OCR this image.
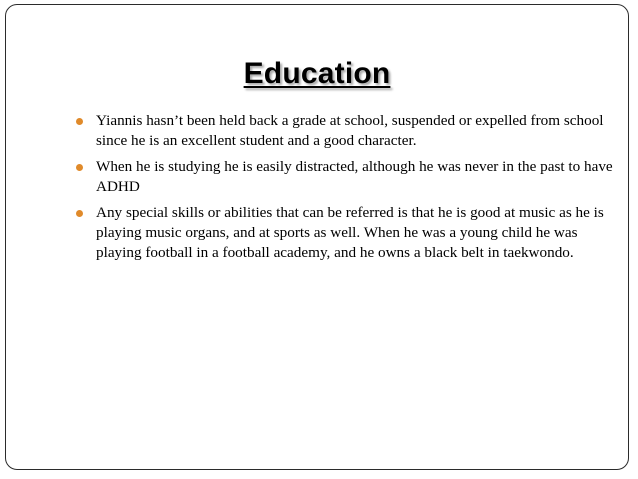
Education
Yiannis hasn’t been held back a grade at school, suspended or expelled from school since he is an excellent student and a good character.
When he is studying he is easily distracted, although he was never in the past to have ADHD
Any special skills or abilities that can be referred is that he is good at music as he is playing music organs, and at sports as well. When he was a young child he was playing football in a football academy, and he owns a black belt in taekwondo.
